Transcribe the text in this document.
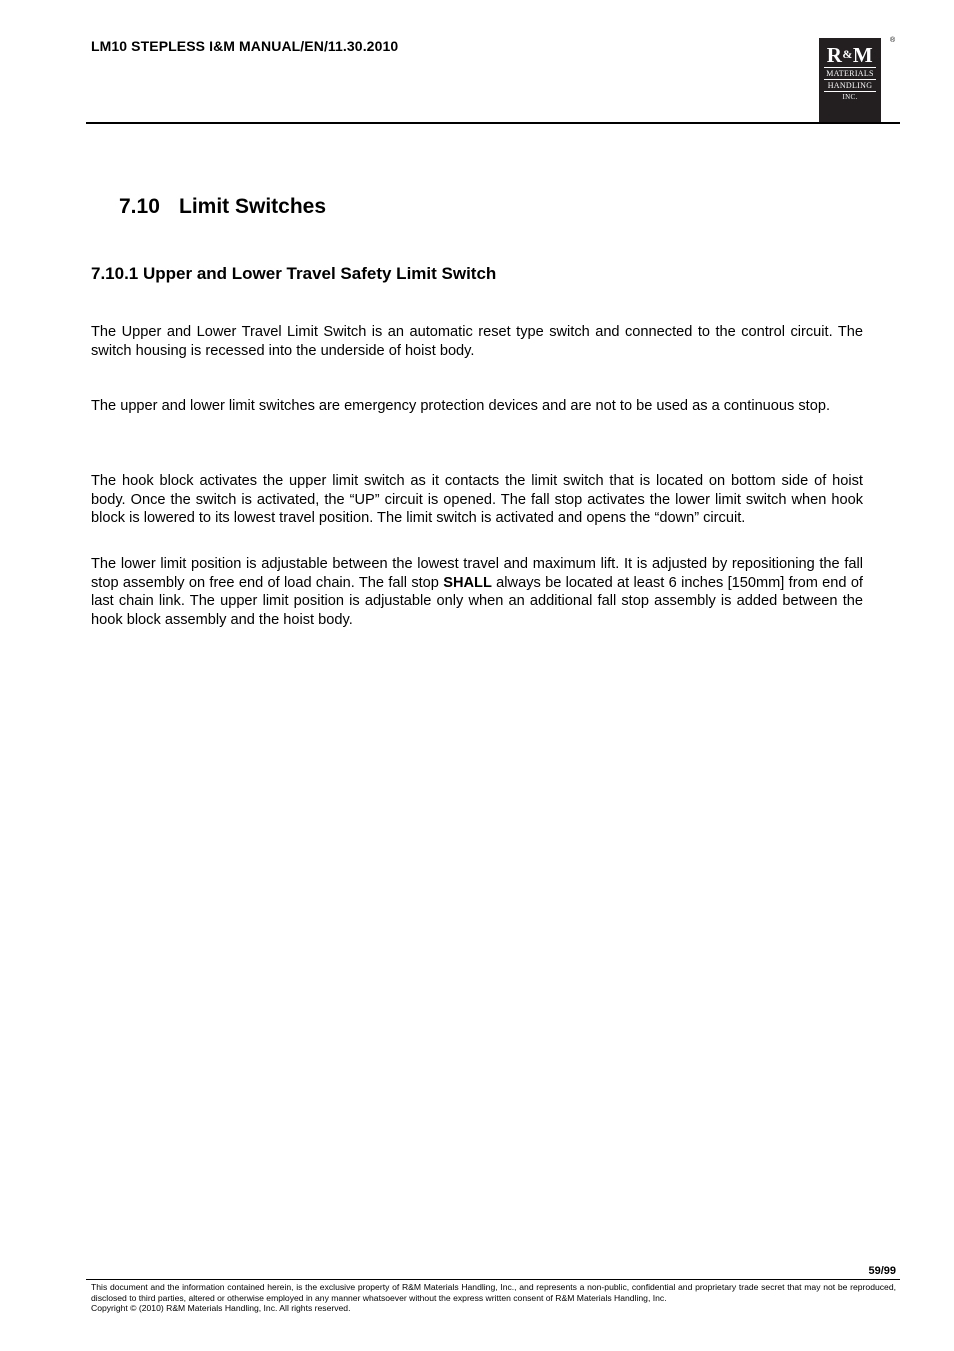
LM10 STEPLESS I&M MANUAL/EN/11.30.2010	R&M
MATERIALS
HANDLING
INC.
®
7.10 Limit Switches
7.10.1 Upper and Lower Travel Safety Limit Switch

The Upper and Lower Travel Limit Switch is an automatic reset type switch and connected to the control circuit. The switch housing is recessed into the underside of hoist body.

The upper and lower limit switches are emergency protection devices and are not to be used as a continuous stop.

The hook block activates the upper limit switch as it contacts the limit switch that is located on bottom side of hoist body. Once the switch is activated, the “UP” circuit is opened. The fall stop activates the lower limit switch when hook block is lowered to its lowest travel position. The limit switch is activated and opens the “down” circuit.

The lower limit position is adjustable between the lowest travel and maximum lift. It is adjusted by repositioning the fall stop assembly on free end of load chain. The fall stop SHALL always be located at least 6 inches [150mm] from end of last chain link. The upper limit position is adjustable only when an additional fall stop assembly is added between the hook block assembly and the hoist body.

59/99

This document and the information contained herein, is the exclusive property of R&M Materials Handling, Inc., and represents a non-public, confidential and proprietary trade secret that may not be reproduced, disclosed to third parties, altered or otherwise employed in any manner whatsoever without the express written consent of R&M Materials Handling, Inc.
Copyright © (2010) R&M Materials Handling, Inc. All rights reserved.
